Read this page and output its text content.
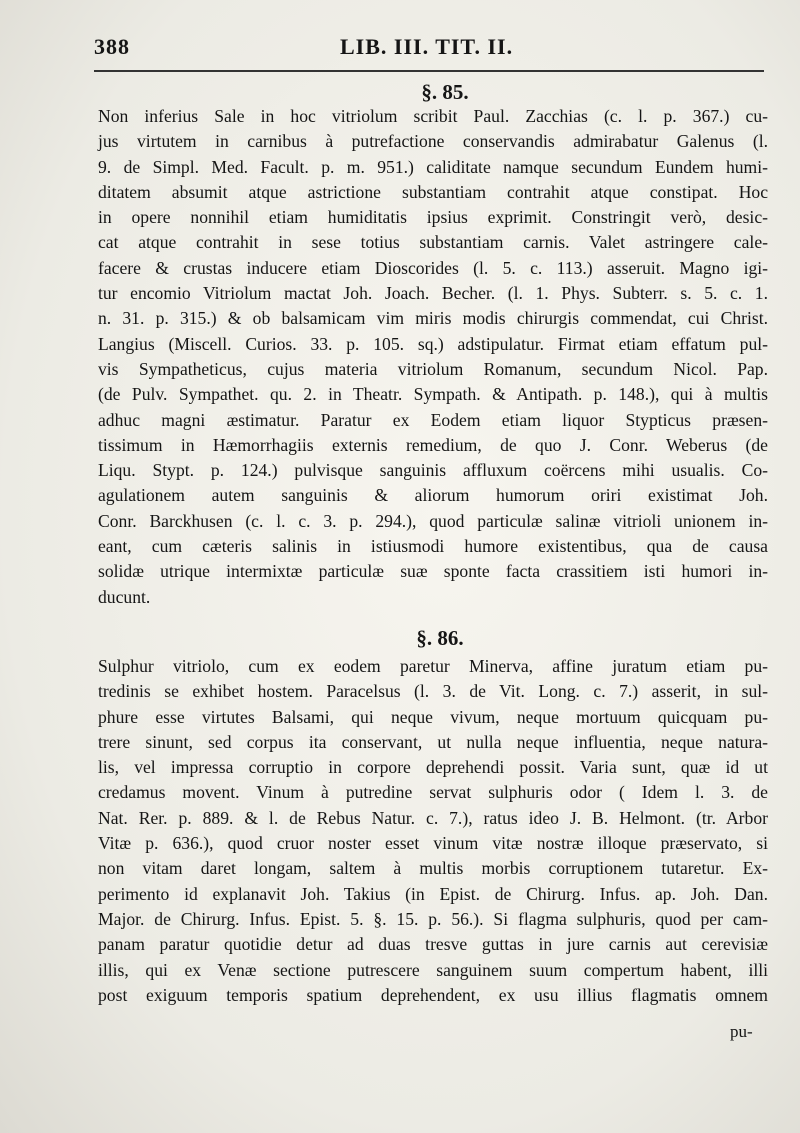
388	LIB. III. TIT. II.
§. 85.
Non inferius Sale in hoc vitriolum scribit Paul. Zacchias (c. l. p. 367.) cu-
jus virtutem in carnibus à putrefactione conservandis admirabatur Galenus (l.
9. de Simpl. Med. Facult. p. m. 951.) caliditate namque secundum Eundem humi-
ditatem absumit atque astrictione substantiam contrahit atque constipat. Hoc
in opere nonnihil etiam humiditatis ipsius exprimit. Constringit verò, desic-
cat atque contrahit in sese totius substantiam carnis. Valet astringere cale-
facere & crustas inducere etiam Dioscorides (l. 5. c. 113.) asseruit. Magno igi-
tur encomio Vitriolum mactat Joh. Joach. Becher. (l. 1. Phys. Subterr. s. 5. c. 1.
n. 31. p. 315.) & ob balsamicam vim miris modis chirurgis commendat, cui Christ.
Langius (Miscell. Curios. 33. p. 105. sq.) adstipulatur. Firmat etiam effatum pul-
vis Sympatheticus, cujus materia vitriolum Romanum, secundum Nicol. Pap.
(de Pulv. Sympathet. qu. 2. in Theatr. Sympath. & Antipath. p. 148.), qui à multis
adhuc magni æstimatur. Paratur ex Eodem etiam liquor Stypticus præsen-
tissimum in Hæmorrhagiis externis remedium, de quo J. Conr. Weberus (de
Liqu. Stypt. p. 124.) pulvisque sanguinis affluxum coërcens mihi usualis. Co-
agulationem autem sanguinis & aliorum humorum oriri existimat Joh.
Conr. Barckhusen (c. l. c. 3. p. 294.), quod particulæ salinæ vitrioli unionem in-
eant, cum cæteris salinis in istiusmodi humore existentibus, qua de causa
solidæ utrique intermixtæ particulæ suæ sponte facta crassitiem isti humori in-
ducunt.
§. 86.
Sulphur vitriolo, cum ex eodem paretur Minerva, affine juratum etiam pu-
tredinis se exhibet hostem. Paracelsus (l. 3. de Vit. Long. c. 7.) asserit, in sul-
phure esse virtutes Balsami, qui neque vivum, neque mortuum quicquam pu-
trere sinunt, sed corpus ita conservant, ut nulla neque influentia, neque natura-
lis, vel impressa corruptio in corpore deprehendi possit. Varia sunt, quæ id ut
credamus movent. Vinum à putredine servat sulphuris odor ( Idem l. 3. de
Nat. Rer. p. 889. & l. de Rebus Natur. c. 7.), ratus ideo J. B. Helmont. (tr. Arbor
Vitæ p. 636.), quod cruor noster esset vinum vitæ nostræ illoque præservato, si
non vitam daret longam, saltem à multis morbis corruptionem tutaretur. Ex-
perimento id explanavit Joh. Takius (in Epist. de Chirurg. Infus. ap. Joh. Dan.
Major. de Chirurg. Infus. Epist. 5. §. 15. p. 56.). Si flagma sulphuris, quod per cam-
panam paratur quotidie detur ad duas tresve guttas in jure carnis aut cerevisiæ
illis, qui ex Venæ sectione putrescere sanguinem suum compertum habent, illi
post exiguum temporis spatium deprehendent, ex usu illius flagmatis omnem
pu-
